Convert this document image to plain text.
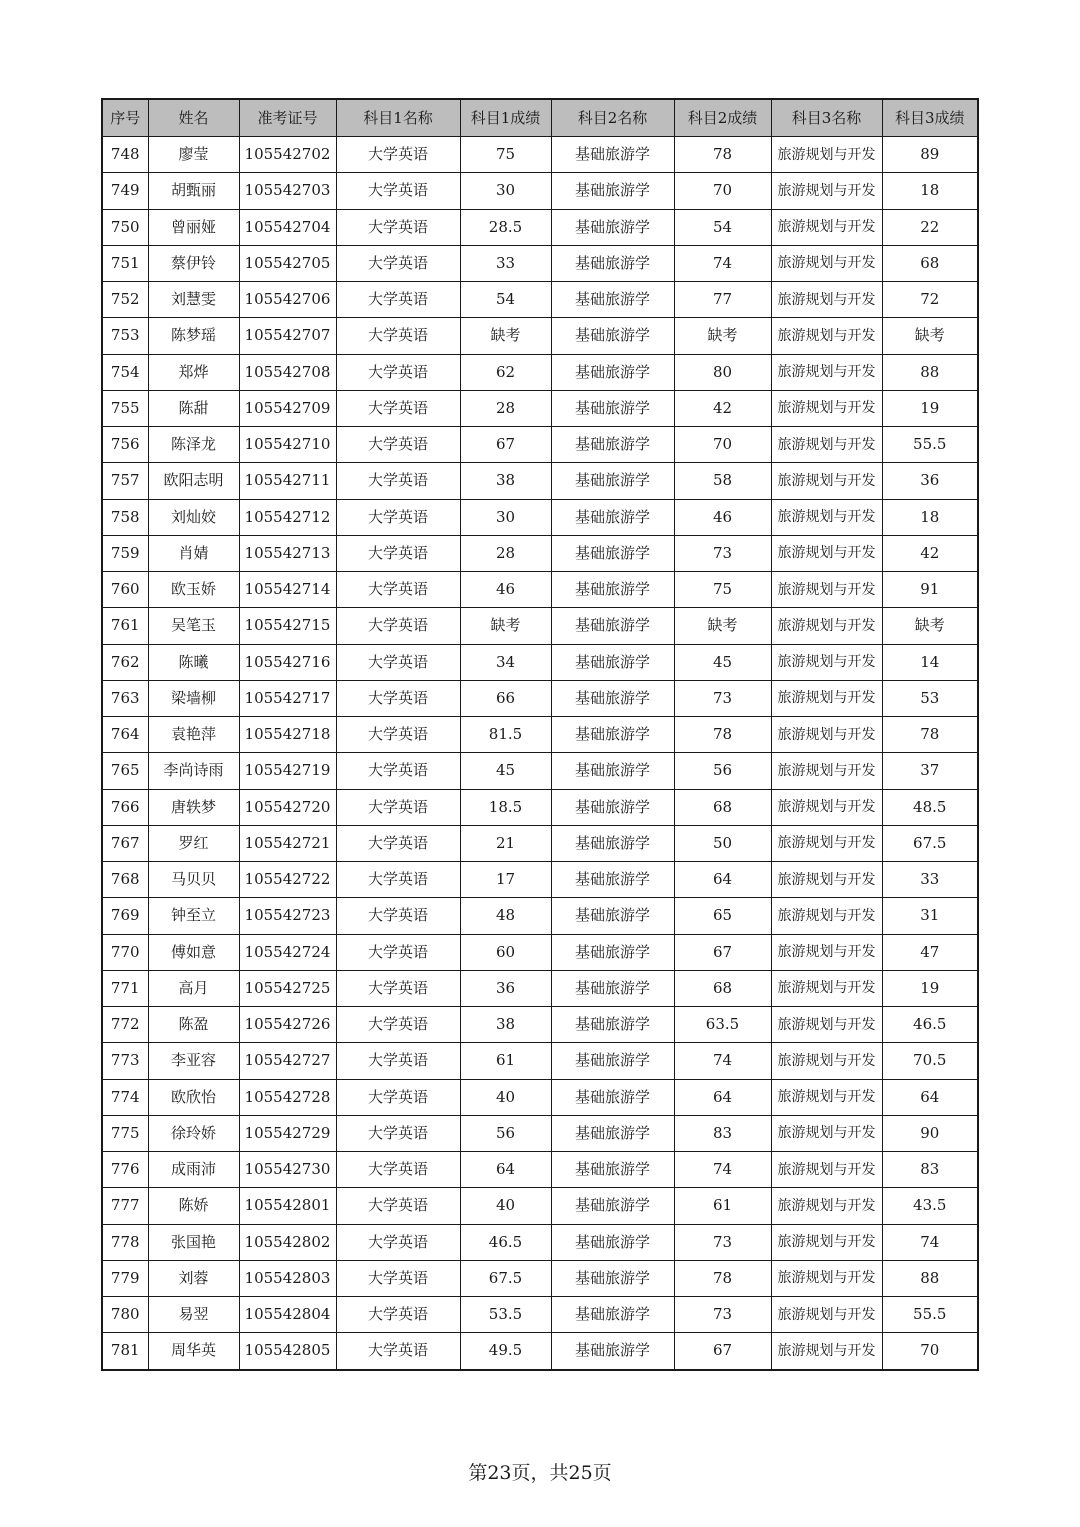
序号	姓名	准考证号	科目1名称	科目1成绩	科目2名称	科目2成绩	科目3名称	科目3成绩
748	廖莹	105542702	大学英语	75	基础旅游学	78	旅游规划与开发	89
749	胡甄丽	105542703	大学英语	30	基础旅游学	70	旅游规划与开发	18
750	曾丽娅	105542704	大学英语	28.5	基础旅游学	54	旅游规划与开发	22
751	蔡伊铃	105542705	大学英语	33	基础旅游学	74	旅游规划与开发	68
752	刘慧雯	105542706	大学英语	54	基础旅游学	77	旅游规划与开发	72
753	陈梦瑶	105542707	大学英语	缺考	基础旅游学	缺考	旅游规划与开发	缺考
754	郑烨	105542708	大学英语	62	基础旅游学	80	旅游规划与开发	88
755	陈甜	105542709	大学英语	28	基础旅游学	42	旅游规划与开发	19
756	陈泽龙	105542710	大学英语	67	基础旅游学	70	旅游规划与开发	55.5
757	欧阳志明	105542711	大学英语	38	基础旅游学	58	旅游规划与开发	36
758	刘灿姣	105542712	大学英语	30	基础旅游学	46	旅游规划与开发	18
759	肖婧	105542713	大学英语	28	基础旅游学	73	旅游规划与开发	42
760	欧玉娇	105542714	大学英语	46	基础旅游学	75	旅游规划与开发	91
761	吴笔玉	105542715	大学英语	缺考	基础旅游学	缺考	旅游规划与开发	缺考
762	陈曦	105542716	大学英语	34	基础旅游学	45	旅游规划与开发	14
763	梁墙柳	105542717	大学英语	66	基础旅游学	73	旅游规划与开发	53
764	袁艳萍	105542718	大学英语	81.5	基础旅游学	78	旅游规划与开发	78
765	李尚诗雨	105542719	大学英语	45	基础旅游学	56	旅游规划与开发	37
766	唐轶梦	105542720	大学英语	18.5	基础旅游学	68	旅游规划与开发	48.5
767	罗红	105542721	大学英语	21	基础旅游学	50	旅游规划与开发	67.5
768	马贝贝	105542722	大学英语	17	基础旅游学	64	旅游规划与开发	33
769	钟至立	105542723	大学英语	48	基础旅游学	65	旅游规划与开发	31
770	傅如意	105542724	大学英语	60	基础旅游学	67	旅游规划与开发	47
771	高月	105542725	大学英语	36	基础旅游学	68	旅游规划与开发	19
772	陈盈	105542726	大学英语	38	基础旅游学	63.5	旅游规划与开发	46.5
773	李亚容	105542727	大学英语	61	基础旅游学	74	旅游规划与开发	70.5
774	欧欣怡	105542728	大学英语	40	基础旅游学	64	旅游规划与开发	64
775	徐玲娇	105542729	大学英语	56	基础旅游学	83	旅游规划与开发	90
776	成雨沛	105542730	大学英语	64	基础旅游学	74	旅游规划与开发	83
777	陈娇	105542801	大学英语	40	基础旅游学	61	旅游规划与开发	43.5
778	张国艳	105542802	大学英语	46.5	基础旅游学	73	旅游规划与开发	74
779	刘蓉	105542803	大学英语	67.5	基础旅游学	78	旅游规划与开发	88
780	易翌	105542804	大学英语	53.5	基础旅游学	73	旅游规划与开发	55.5
781	周华英	105542805	大学英语	49.5	基础旅游学	67	旅游规划与开发	70
第23页，共25页
